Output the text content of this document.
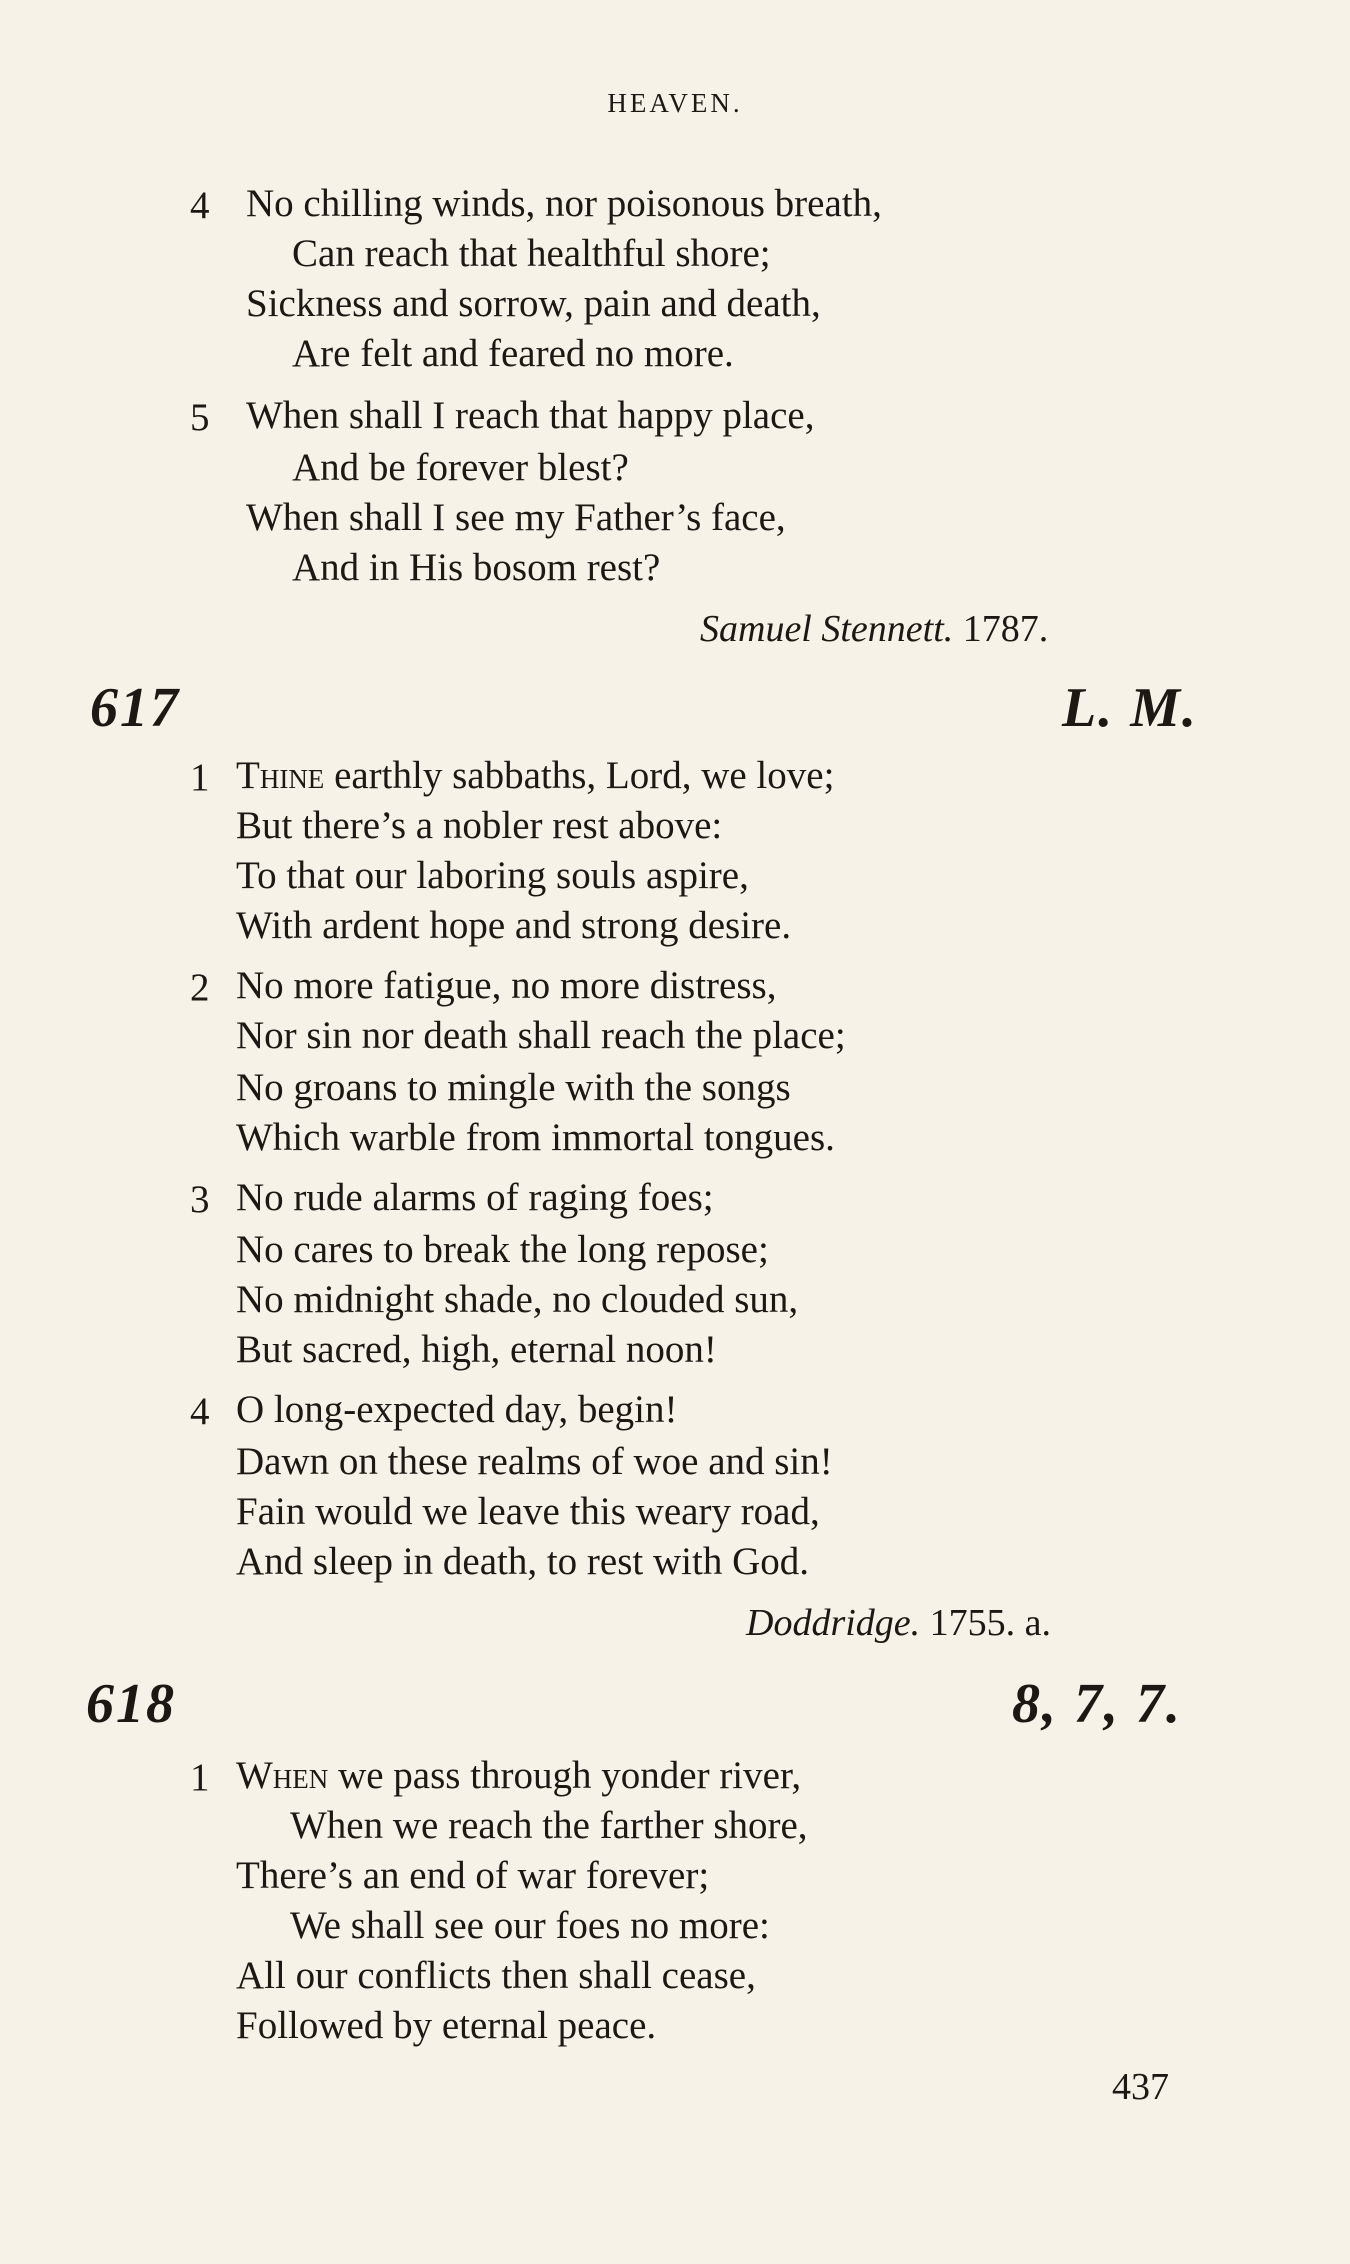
HEAVEN.
4 No chilling winds, nor poisonous breath,
Can reach that healthful shore;
Sickness and sorrow, pain and death,
Are felt and feared no more.
5 When shall I reach that happy place,
And be forever blest?
When shall I see my Father’s face,
And in His bosom rest?
Samuel Stennett. 1787.
617	L. M.
1 Thine earthly sabbaths, Lord, we love;
But there’s a nobler rest above:
To that our laboring souls aspire,
With ardent hope and strong desire.
2 No more fatigue, no more distress,
Nor sin nor death shall reach the place;
No groans to mingle with the songs
Which warble from immortal tongues.
3 No rude alarms of raging foes;
No cares to break the long repose;
No midnight shade, no clouded sun,
But sacred, high, eternal noon!
4 O long-expected day, begin!
Dawn on these realms of woe and sin!
Fain would we leave this weary road,
And sleep in death, to rest with God.
Doddridge. 1755. a.
618	8, 7, 7.
1 When we pass through yonder river,
When we reach the farther shore,
There’s an end of war forever;
We shall see our foes no more:
All our conflicts then shall cease,
Followed by eternal peace.
437
